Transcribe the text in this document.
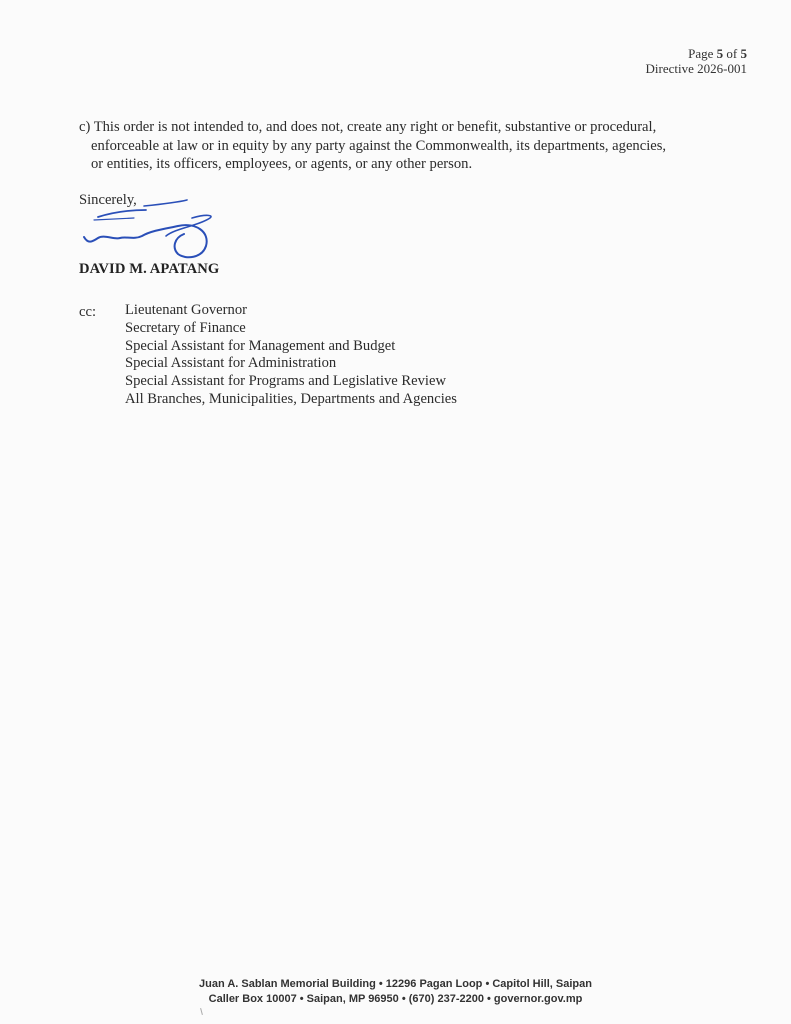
Page 5 of 5
Directive 2026-001
c) This order is not intended to, and does not, create any right or benefit, substantive or procedural,
enforceable at law or in equity by any party against the Commonwealth, its departments, agencies,
or entities, its officers, employees, or agents, or any other person.
Sincerely,
DAVID M. APATANG
cc: Lieutenant Governor
Secretary of Finance
Special Assistant for Management and Budget
Special Assistant for Administration
Special Assistant for Programs and Legislative Review
All Branches, Municipalities, Departments and Agencies
Juan A. Sablan Memorial Building • 12296 Pagan Loop • Capitol Hill, Saipan
Caller Box 10007 • Saipan, MP 96950 • (670) 237-2200 • governor.gov.mp
